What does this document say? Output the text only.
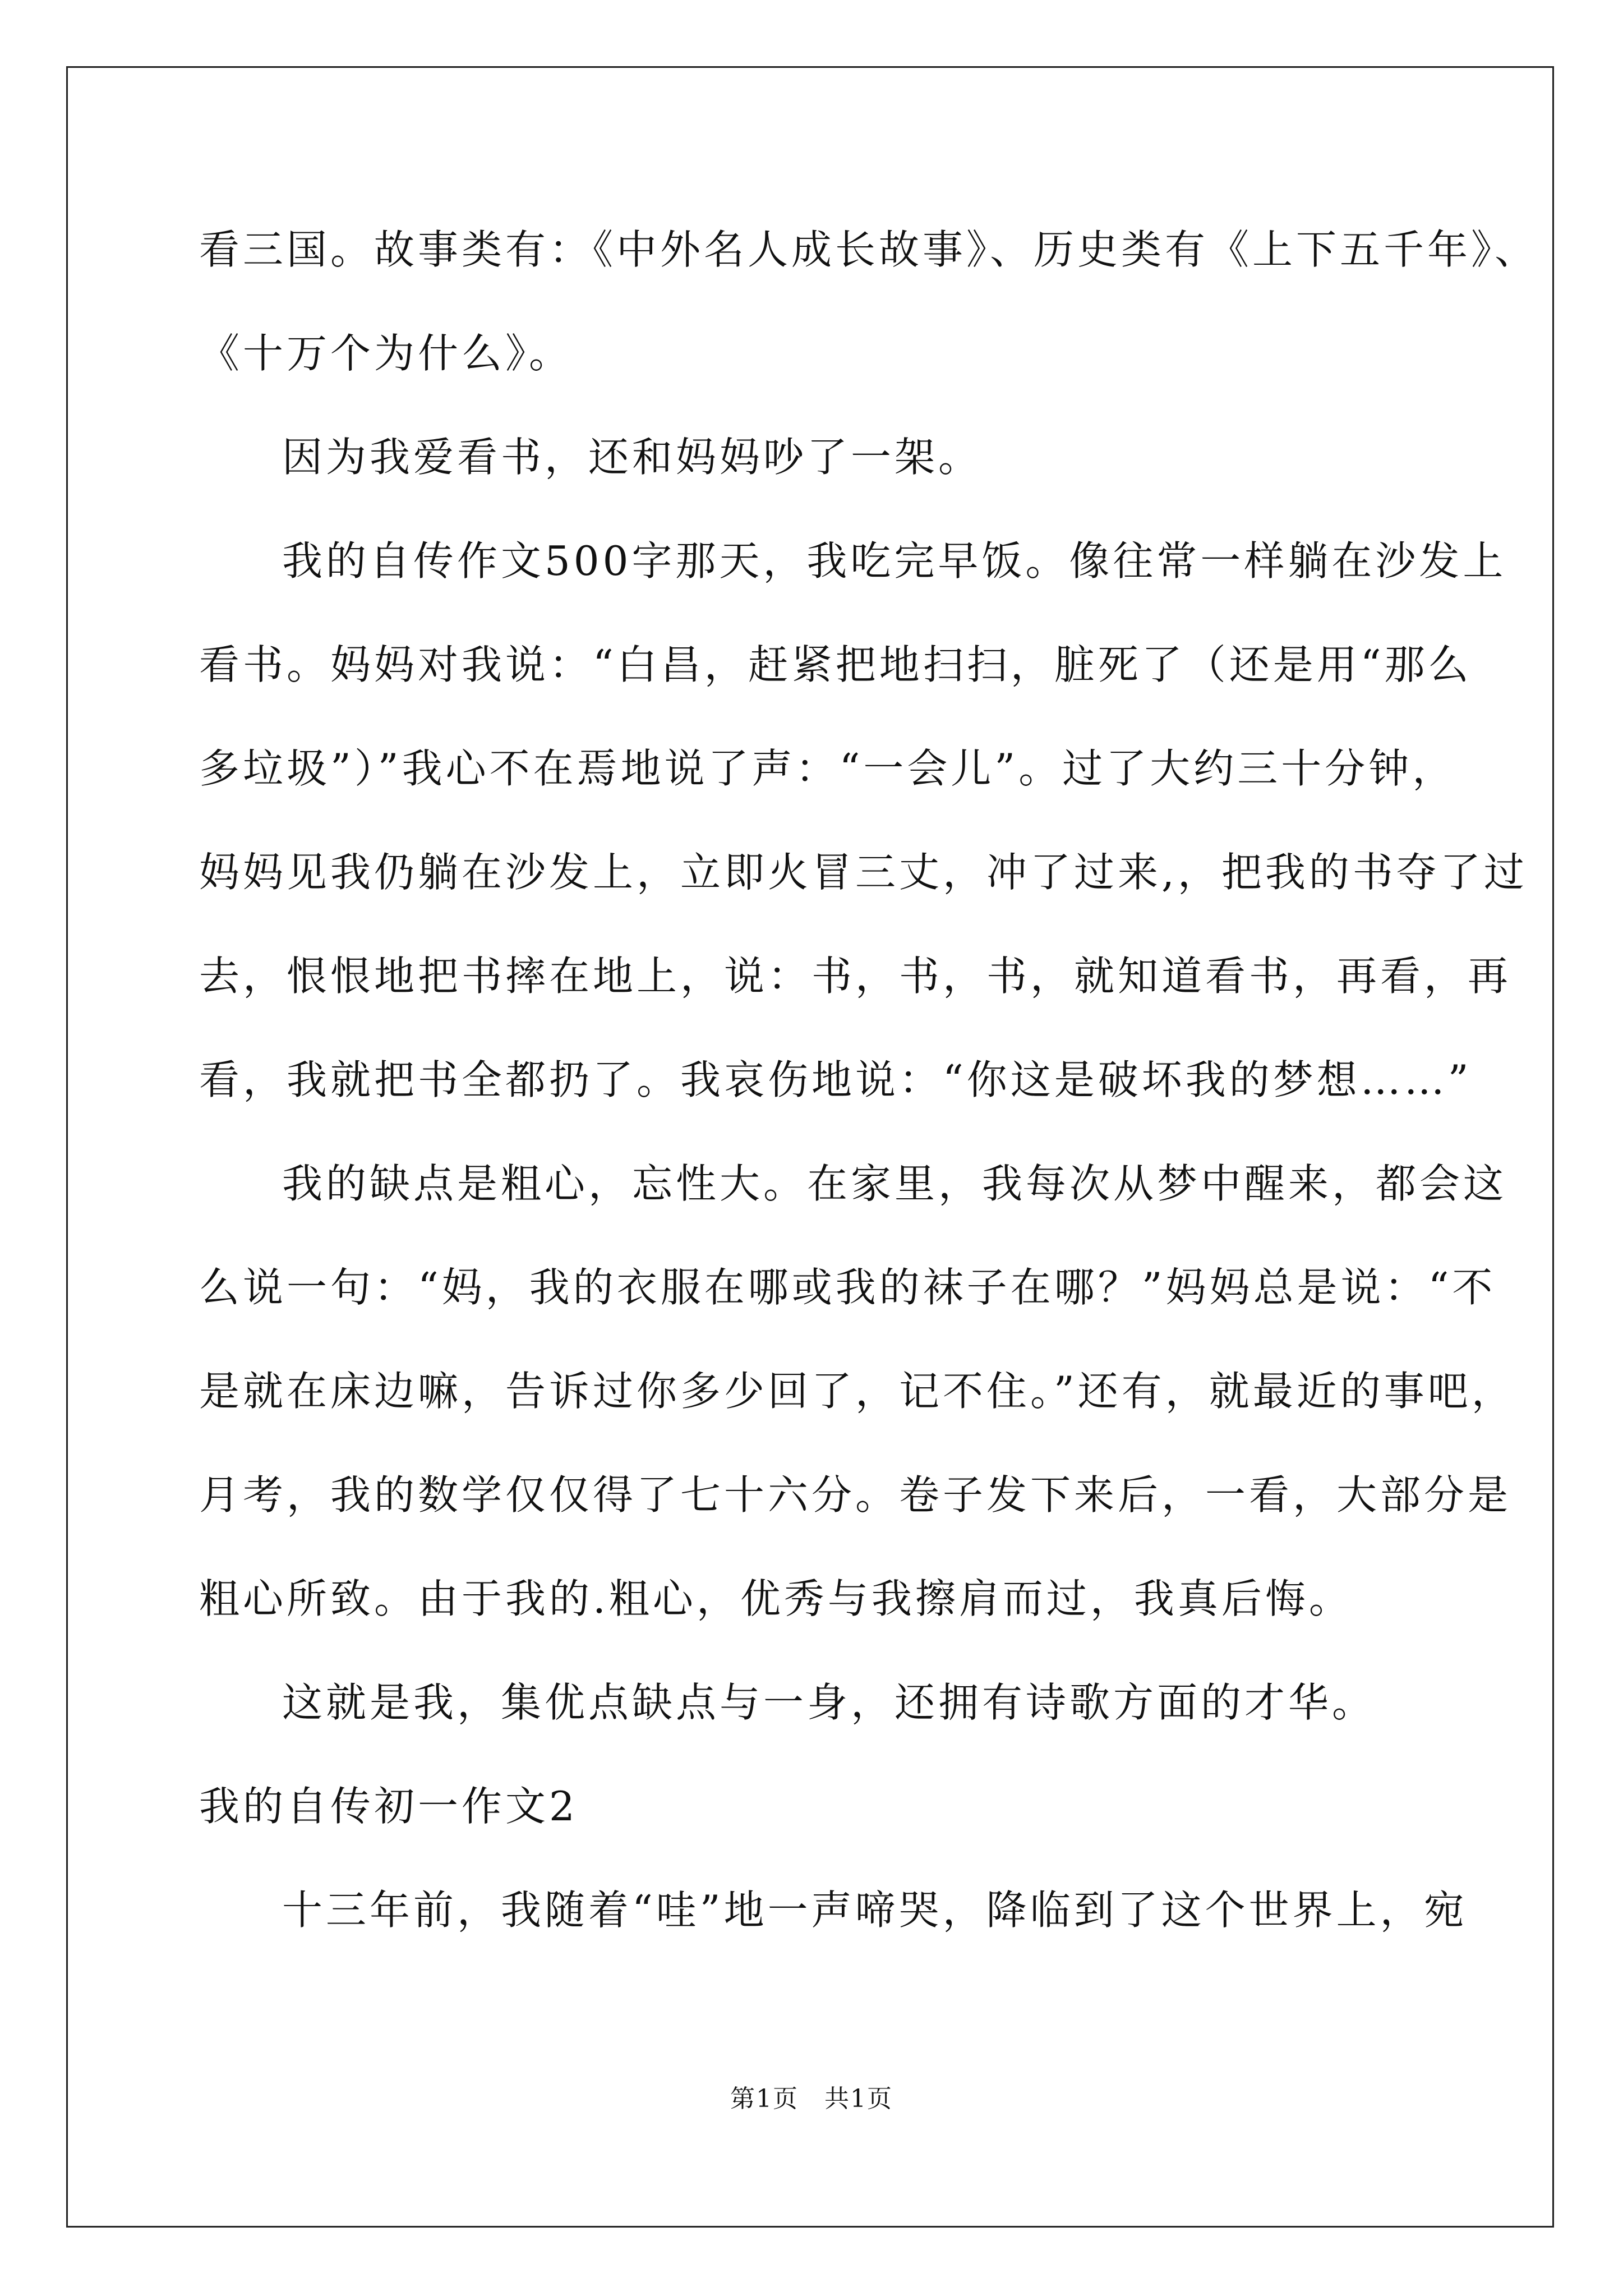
看三国。故事类有：《中外名人成长故事》、历史类有《上下五千年》、
《十万个为什么》。
因为我爱看书，还和妈妈吵了一架。
我的自传作文500字那天，我吃完早饭。像往常一样躺在沙发上
看书。妈妈对我说：“白昌，赶紧把地扫扫，脏死了（还是用“那么
多垃圾”）”我心不在焉地说了声：“一会儿”。过了大约三十分钟，
妈妈见我仍躺在沙发上，立即火冒三丈，冲了过来,，把我的书夺了过
去，恨恨地把书摔在地上，说：书，书，书，就知道看书，再看，再
看，我就把书全都扔了。我哀伤地说：“你这是破坏我的梦想……”
我的缺点是粗心，忘性大。在家里，我每次从梦中醒来，都会这
么说一句：“妈，我的衣服在哪或我的袜子在哪？”妈妈总是说：“不
是就在床边嘛，告诉过你多少回了，记不住。”还有，就最近的事吧，
月考，我的数学仅仅得了七十六分。卷子发下来后，一看，大部分是
粗心所致。由于我的.粗心，优秀与我擦肩而过，我真后悔。
这就是我，集优点缺点与一身，还拥有诗歌方面的才华。
我的自传初一作文2
十三年前，我随着“哇”地一声啼哭，降临到了这个世界上，宛
第1页　共1页
